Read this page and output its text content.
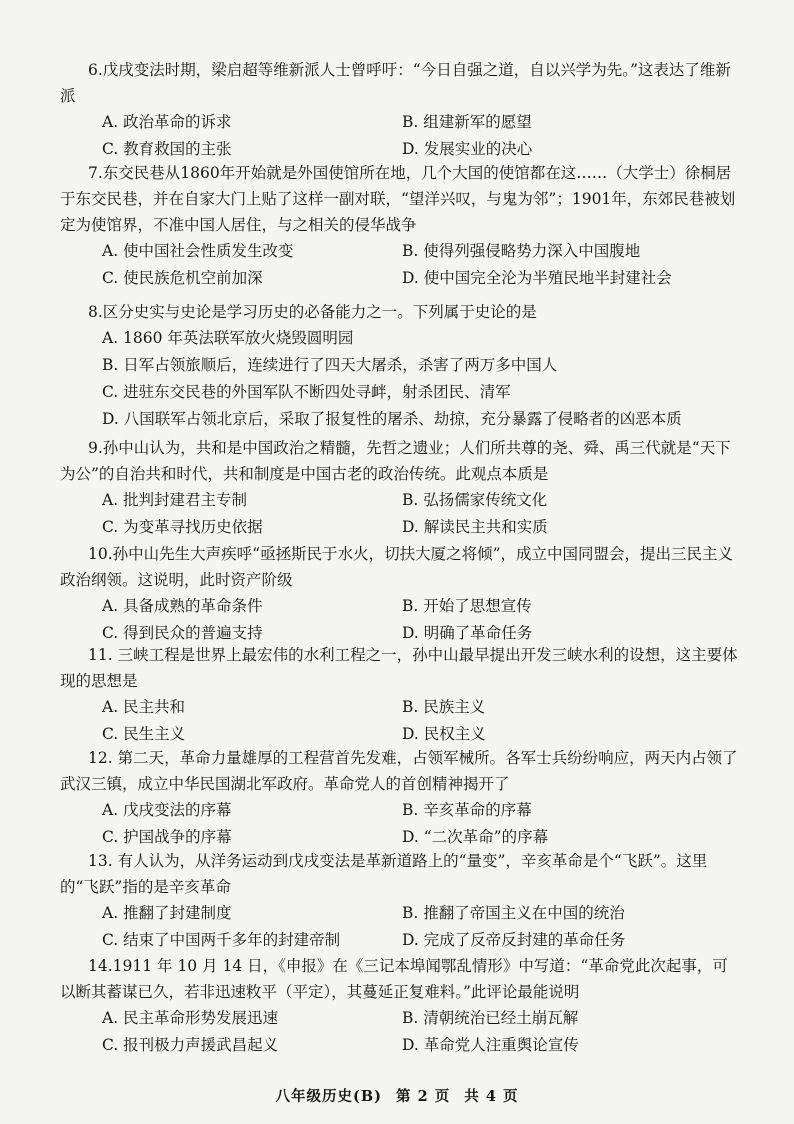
6.戊戌变法时期，梁启超等维新派人士曾呼吁：“今日自强之道，自以兴学为先。”这表达了维新派

A. 政治革命的诉求	B. 组建新军的愿望
C. 教育救国的主张	D. 发展实业的决心

7.东交民巷从1860年开始就是外国使馆所在地，几个大国的使馆都在这……（大学士）徐桐居于东交民巷，并在自家大门上贴了这样一副对联，“望洋兴叹，与鬼为邻”；1901年，东郊民巷被划定为使馆界，不准中国人居住，与之相关的侵华战争

A. 使中国社会性质发生改变	B. 使得列强侵略势力深入中国腹地
C. 使民族危机空前加深	D. 使中国完全沦为半殖民地半封建社会

8.区分史实与史论是学习历史的必备能力之一。下列属于史论的是

A. 1860 年英法联军放火烧毁圆明园
B. 日军占领旅顺后，连续进行了四天大屠杀，杀害了两万多中国人
C. 进驻东交民巷的外国军队不断四处寻衅，射杀团民、清军
D. 八国联军占领北京后，采取了报复性的屠杀、劫掠，充分暴露了侵略者的凶恶本质

9.孙中山认为，共和是中国政治之精髓，先哲之遗业；人们所共尊的尧、舜、禹三代就是“天下为公”的自治共和时代，共和制度是中国古老的政治传统。此观点本质是

A. 批判封建君主专制	B. 弘扬儒家传统文化
C. 为变革寻找历史依据	D. 解读民主共和实质

10.孙中山先生大声疾呼“亟拯斯民于水火，切扶大厦之将倾”，成立中国同盟会，提出三民主义政治纲领。这说明，此时资产阶级

A. 具备成熟的革命条件	B. 开始了思想宣传
C. 得到民众的普遍支持	D. 明确了革命任务

11. 三峡工程是世界上最宏伟的水利工程之一，孙中山最早提出开发三峡水利的设想，这主要体现的思想是

A. 民主共和	B. 民族主义
C. 民生主义	D. 民权主义

12. 第二天，革命力量雄厚的工程营首先发难，占领军械所。各军士兵纷纷响应，两天内占领了武汉三镇，成立中华民国湖北军政府。革命党人的首创精神揭开了

A. 戊戌变法的序幕	B. 辛亥革命的序幕
C. 护国战争的序幕	D. “二次革命”的序幕

13. 有人认为，从洋务运动到戊戌变法是革新道路上的“量变”，辛亥革命是个“飞跃”。这里的“飞跃”指的是辛亥革命

A. 推翻了封建制度	B. 推翻了帝国主义在中国的统治
C. 结束了中国两千多年的封建帝制	D. 完成了反帝反封建的革命任务

14.1911 年 10 月 14 日，《申报》在《三记本埠闻鄂乱情形》中写道：“革命党此次起事，可以断其蓄谋已久，若非迅速敉平（平定），其蔓延正复难料。”此评论最能说明

A. 民主革命形势发展迅速	B. 清朝统治已经土崩瓦解
C. 报刊极力声援武昌起义	D. 革命党人注重舆论宣传
八年级历史(B) 第 2 页 共 4 页
